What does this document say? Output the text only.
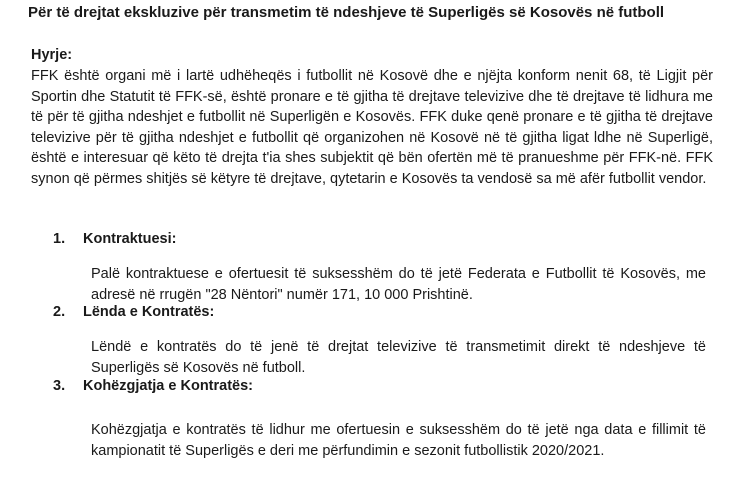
Për të drejtat ekskluzive për transmetim të ndeshjeve të Superligës së Kosovës në futboll
Hyrje:
FFK është organi më i lartë udhëheqës i futbollit në Kosovë dhe e njëjta konform nenit 68, të Ligjit për Sportin dhe Statutit të FFK-së, është pronare e të gjitha të drejtave televizive dhe të drejtave të lidhura me të për të gjitha ndeshjet e futbollit në Superligën e Kosovës. FFK duke qenë pronare e të gjitha të drejtave televizive për të gjitha ndeshjet e futbollit që organizohen në Kosovë në të gjitha ligat ldhe në Superligë, është e interesuar që këto të drejta t'ia shes subjektit që bën ofertën më të pranueshme për FFK-në. FFK synon që përmes shitjës së këtyre të drejtave, qytetarin e Kosovës ta vendosë sa më afër futbollit vendor.
1. Kontraktuesi:
Palë kontraktuese e ofertuesit të suksesshëm do të jetë Federata e Futbollit të Kosovës, me adresë në rrugën "28 Nëntori" numër 171, 10 000 Prishtinë.
2. Lënda e Kontratës:
Lëndë e kontratës do të jenë të drejtat televizive të transmetimit direkt të ndeshjeve të Superligës së Kosovës në futboll.
3. Kohëzgjatja e Kontratës:
Kohëzgjatja e kontratës të lidhur me ofertuesin e suksesshëm do të jetë nga data e fillimit të kampionatit të Superligës e deri me përfundimin e sezonit futbollistik 2020/2021.
